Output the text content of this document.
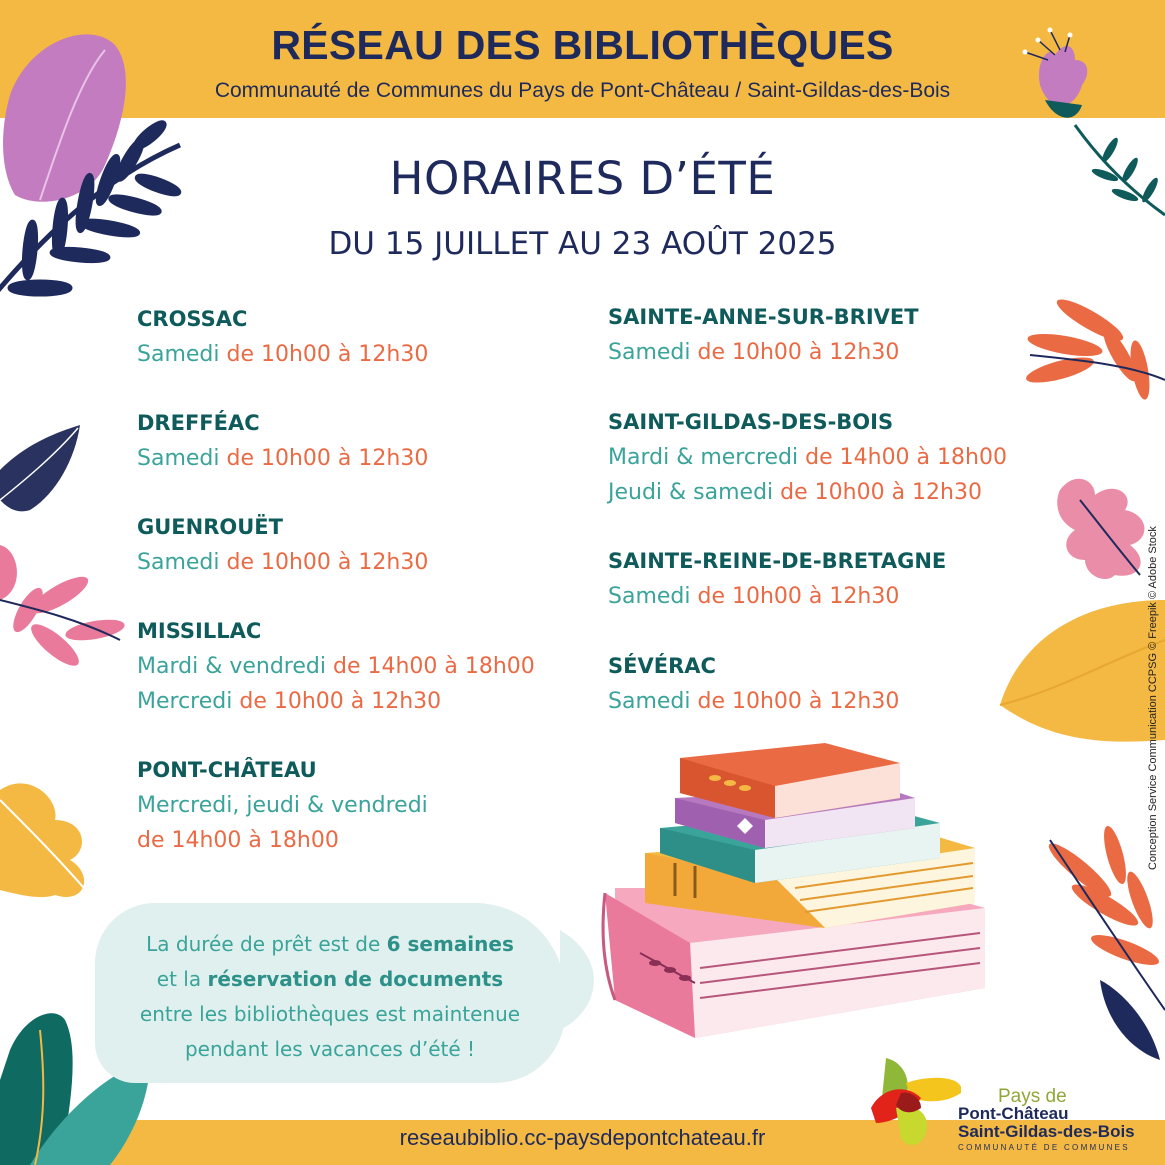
RÉSEAU DES BIBLIOTHÈQUES
Communauté de Communes du Pays de Pont-Château / Saint-Gildas-des-Bois
HORAIRES D’ÉTÉ
DU 15 JUILLET AU 23 AOÛT 2025
CROSSAC
Samedi de 10h00 à 12h30
DREFFÉAC
Samedi de 10h00 à 12h30
GUENROUËT
Samedi de 10h00 à 12h30
MISSILLAC
Mardi & vendredi de 14h00 à 18h00
Mercredi de 10h00 à 12h30
PONT-CHÂTEAU
Mercredi, jeudi & vendredi
de 14h00 à 18h00
SAINTE-ANNE-SUR-BRIVET
Samedi de 10h00 à 12h30
SAINT-GILDAS-DES-BOIS
Mardi & mercredi de 14h00 à 18h00
Jeudi & samedi de 10h00 à 12h30
SAINTE-REINE-DE-BRETAGNE
Samedi de 10h00 à 12h30
SÉVÉRAC
Samedi de 10h00 à 12h30
La durée de prêt est de 6 semaines
et la réservation de documents
entre les bibliothèques est maintenue
pendant les vacances d’été !
Conception Service Communication CCPSG © Freepik © Adobe Stock
Pays de
Pont-Château
Saint-Gildas-des-Bois
COMMUNAUTÉ DE COMMUNES
reseaubiblio.cc-paysdepontchateau.fr
